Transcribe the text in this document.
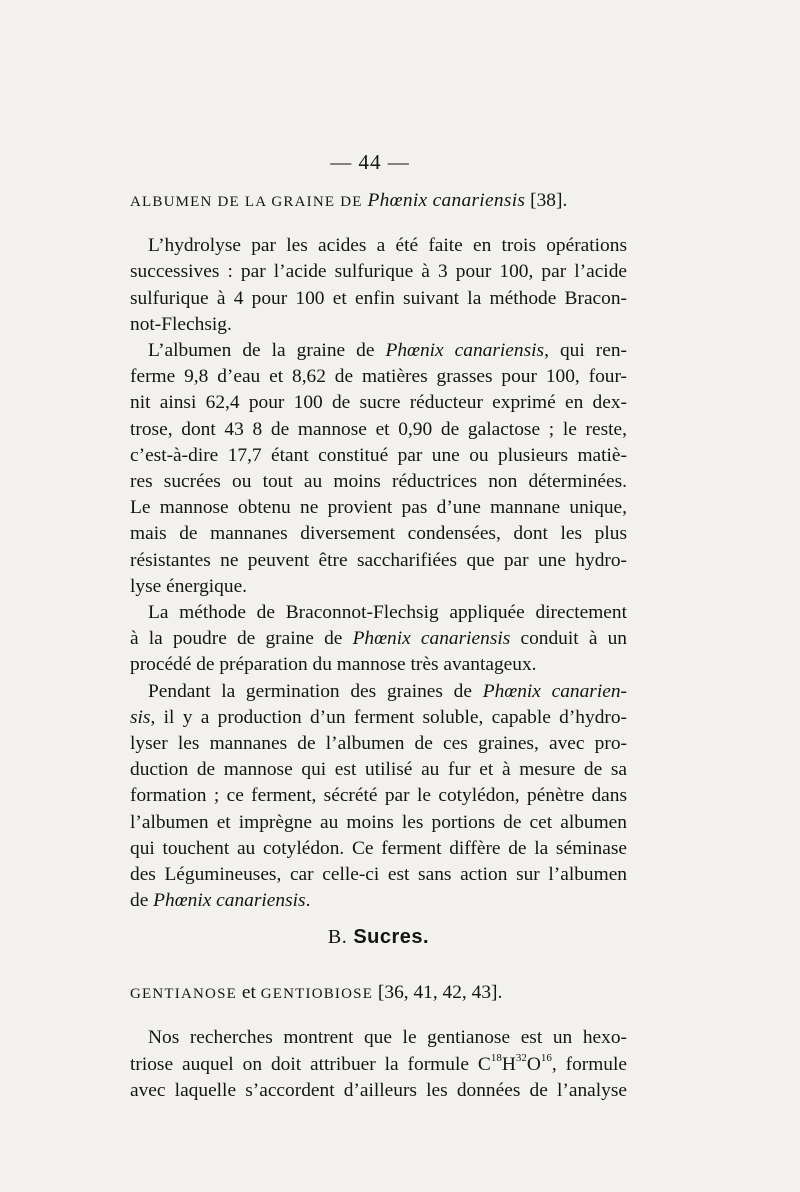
— 44 —

ALBUMEN DE LA GRAINE DE Phœnix canariensis [38].

L’hydrolyse par les acides a été faite en trois opérations
successives : par l’acide sulfurique à 3 pour 100, par l’acide
sulfurique à 4 pour 100 et enfin suivant la méthode Bracon-
not-Flechsig.
L’albumen de la graine de Phœnix canariensis, qui ren-
ferme 9,8 d’eau et 8,62 de matières grasses pour 100, four-
nit ainsi 62,4 pour 100 de sucre réducteur exprimé en dex-
trose, dont 43 8 de mannose et 0,90 de galactose ; le reste,
c’est-à-dire 17,7 étant constitué par une ou plusieurs matiè-
res sucrées ou tout au moins réductrices non déterminées.
Le mannose obtenu ne provient pas d’une mannane unique,
mais de mannanes diversement condensées, dont les plus
résistantes ne peuvent être saccharifiées que par une hydro-
lyse énergique.
La méthode de Braconnot-Flechsig appliquée directement
à la poudre de graine de Phœnix canariensis conduit à un
procédé de préparation du mannose très avantageux.
Pendant la germination des graines de Phœnix canarien-
sis, il y a production d’un ferment soluble, capable d’hydro-
lyser les mannanes de l’albumen de ces graines, avec pro-
duction de mannose qui est utilisé au fur et à mesure de sa
formation ; ce ferment, sécrété par le cotylédon, pénètre dans
l’albumen et imprègne au moins les portions de cet albumen
qui touchent au cotylédon. Ce ferment diffère de la séminase
des Légumineuses, car celle-ci est sans action sur l’albumen
de Phœnix canariensis.

B. Sucres.

GENTIANOSE et GENTIOBIOSE [36, 41, 42, 43].

Nos recherches montrent que le gentianose est un hexo-
triose auquel on doit attribuer la formule $C^{18}H^{32}O^{16}$, formule
avec laquelle s’accordent d’ailleurs les données de l’analyse
